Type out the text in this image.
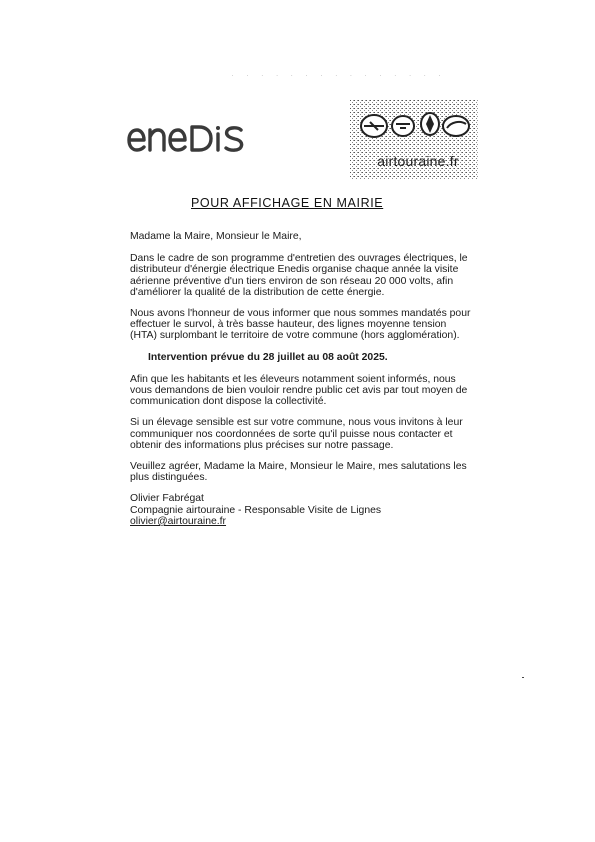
. . . . . . . . . . . . . . .
airtouraine.fr
POUR AFFICHAGE EN MAIRIE

Madame la Maire, Monsieur le Maire,

Dans le cadre de son programme d'entretien des ouvrages électriques, le distributeur d'énergie électrique Enedis organise chaque année la visite aérienne préventive d'un tiers environ de son réseau 20 000 volts, afin d'améliorer la qualité de la distribution de cette énergie.

Nous avons l'honneur de vous informer que nous sommes mandatés pour effectuer le survol, à très basse hauteur, des lignes moyenne tension (HTA) surplombant le territoire de votre commune (hors agglomération).

Intervention prévue du 28 juillet au 08 août 2025.

Afin que les habitants et les éleveurs notamment soient informés, nous vous demandons de bien vouloir rendre public cet avis par tout moyen de communication dont dispose la collectivité.

Si un élevage sensible est sur votre commune, nous vous invitons à leur communiquer nos coordonnées de sorte qu'il puisse nous contacter et obtenir des informations plus précises sur notre passage.

Veuillez agréer, Madame la Maire, Monsieur le Maire, mes salutations les plus distinguées.

Olivier Fabrégat
Compagnie airtouraine - Responsable Visite de Lignes
olivier@airtouraine.fr
